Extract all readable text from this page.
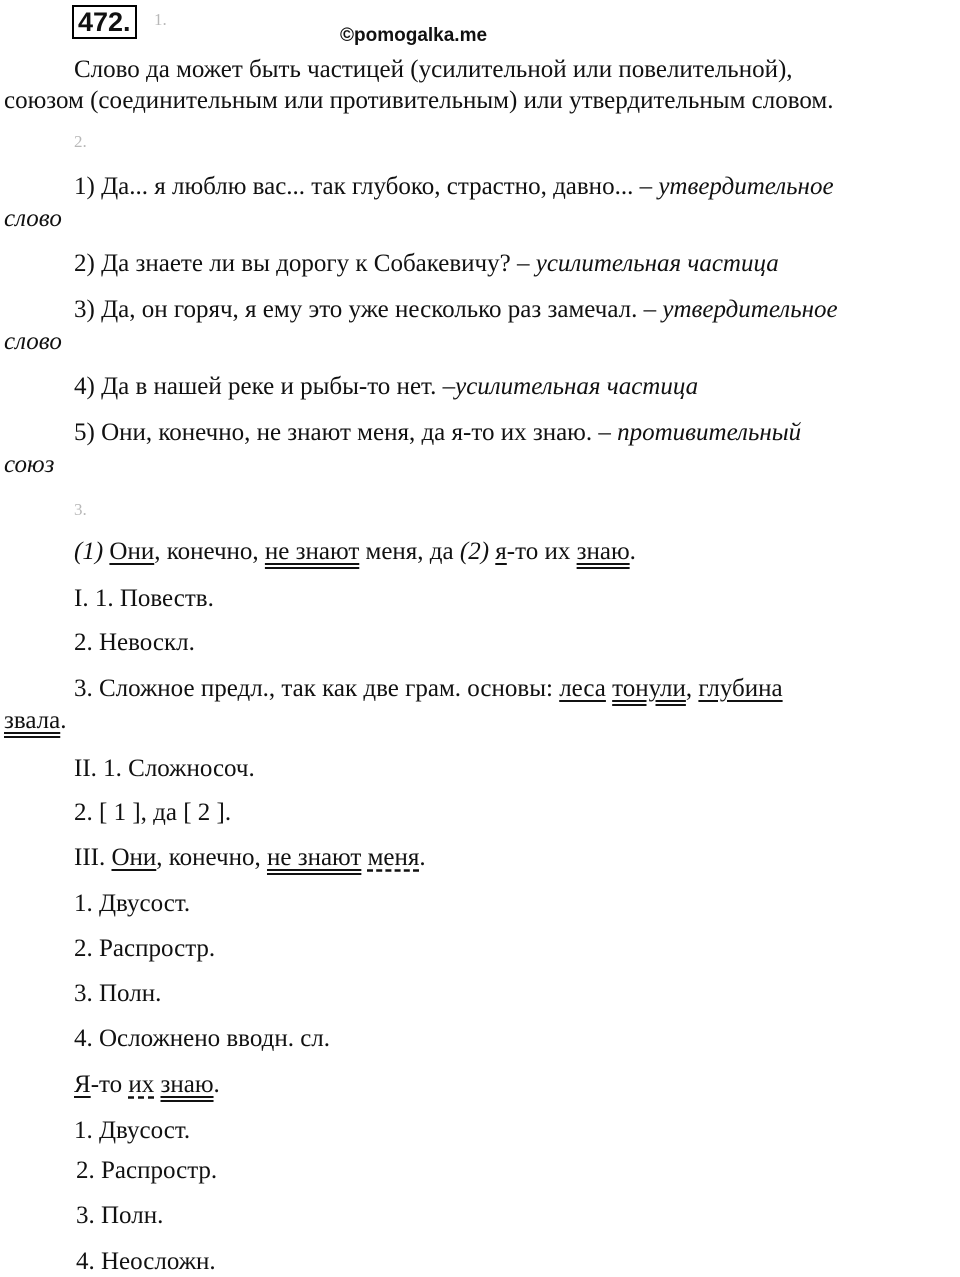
472.	1.
©pomogalka.me
Слово да может быть частицей (усилительной или повелительной),
союзом (соединительным или противительным) или утвердительным словом.
2.
1) Да... я люблю вас... так глубоко, страстно, давно... – утвердительное
слово
2) Да знаете ли вы дорогу к Собакевичу? – усилительная частица
3) Да, он горяч, я ему это уже несколько раз замечал. – утвердительное
слово
4) Да в нашей реке и рыбы-то нет. –усилительная частица
5) Они, конечно, не знают меня, да я-то их знаю. – противительный
союз
3.
(1) Они, конечно, не знают меня, да (2) я-то их знаю.
I. 1. Повеств.
2. Невоскл.
3. Сложное предл., так как две грам. основы: леса тонули, глубина
звала.
II. 1. Сложносоч.
2. [ 1 ], да [ 2 ].
III. Они, конечно, не знают меня.
1. Двусост.
2. Распростр.
3. Полн.
4. Осложнено вводн. сл.
Я-то их знаю.
1. Двусост.
2. Распростр.
3. Полн.
4. Неосложн.
